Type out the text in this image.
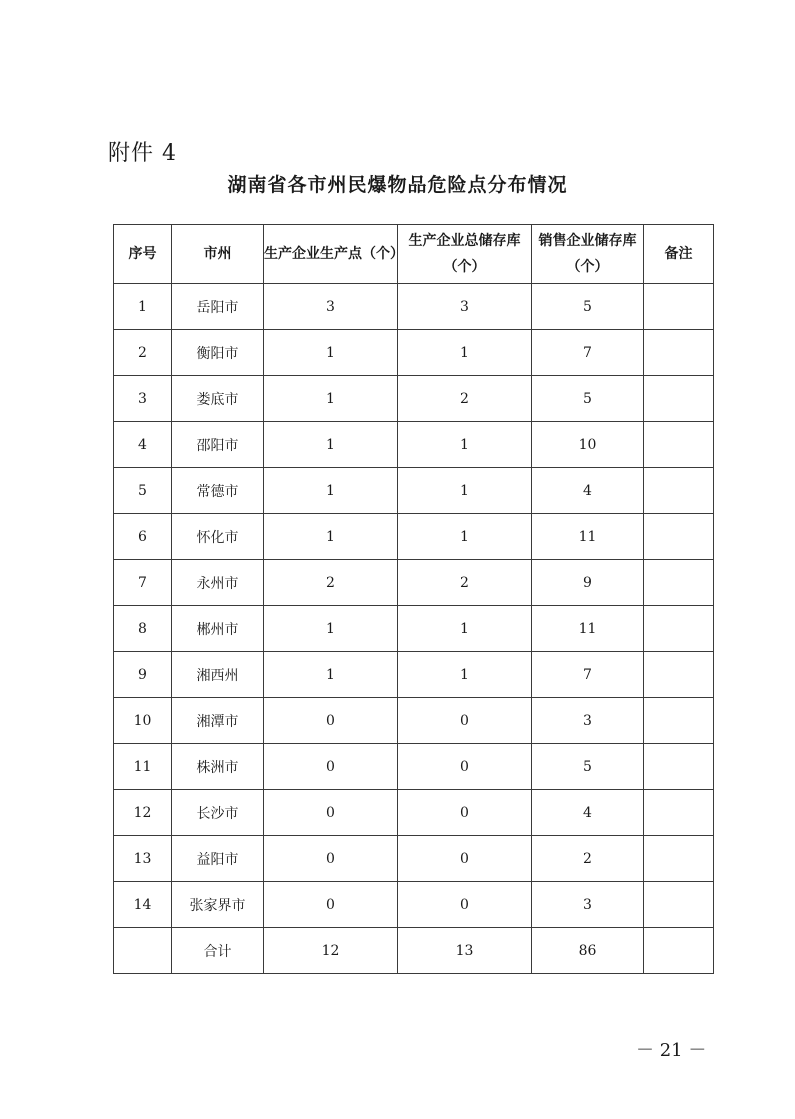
附件 4
湖南省各市州民爆物品危险点分布情况
序号	市州	生产企业生产点（个）	生产企业总储存库（个）	销售企业储存库（个）	备注
1	岳阳市	3	3	5	
2	衡阳市	1	1	7	
3	娄底市	1	2	5	
4	邵阳市	1	1	10	
5	常德市	1	1	4	
6	怀化市	1	1	11	
7	永州市	2	2	9	
8	郴州市	1	1	11	
9	湘西州	1	1	7	
10	湘潭市	0	0	3	
11	株洲市	0	0	5	
12	长沙市	0	0	4	
13	益阳市	0	0	2	
14	张家界市	0	0	3	
	合计	12	13	86	
－ 21 －
